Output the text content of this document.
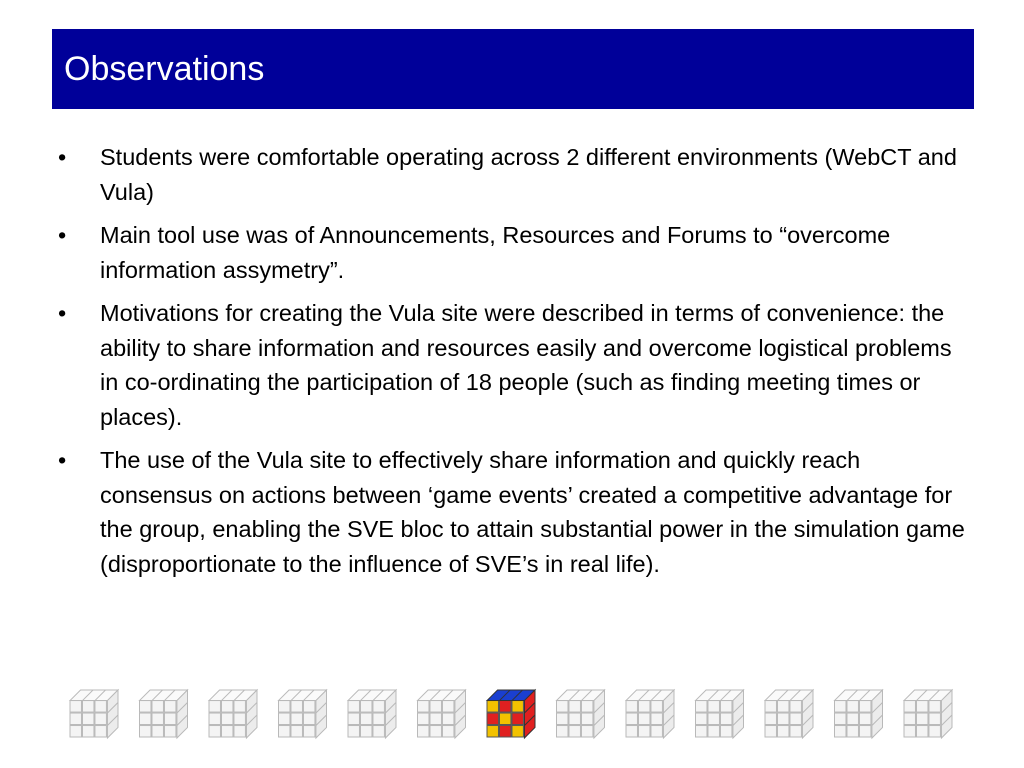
Observations
• Students were comfortable operating across 2 different environments (WebCT and Vula)
• Main tool use was of Announcements, Resources and Forums to “overcome information assymetry”.
• Motivations for creating the Vula site were described in terms of convenience: the ability to share information and resources easily and overcome logistical problems in co-ordinating the participation of 18 people (such as finding meeting times or places).
• The use of the Vula site to effectively share information and quickly reach consensus on actions between ‘game events’ created a competitive advantage for the group, enabling the SVE bloc to attain substantial power in the simulation game (disproportionate to the influence of SVE’s in real life).
